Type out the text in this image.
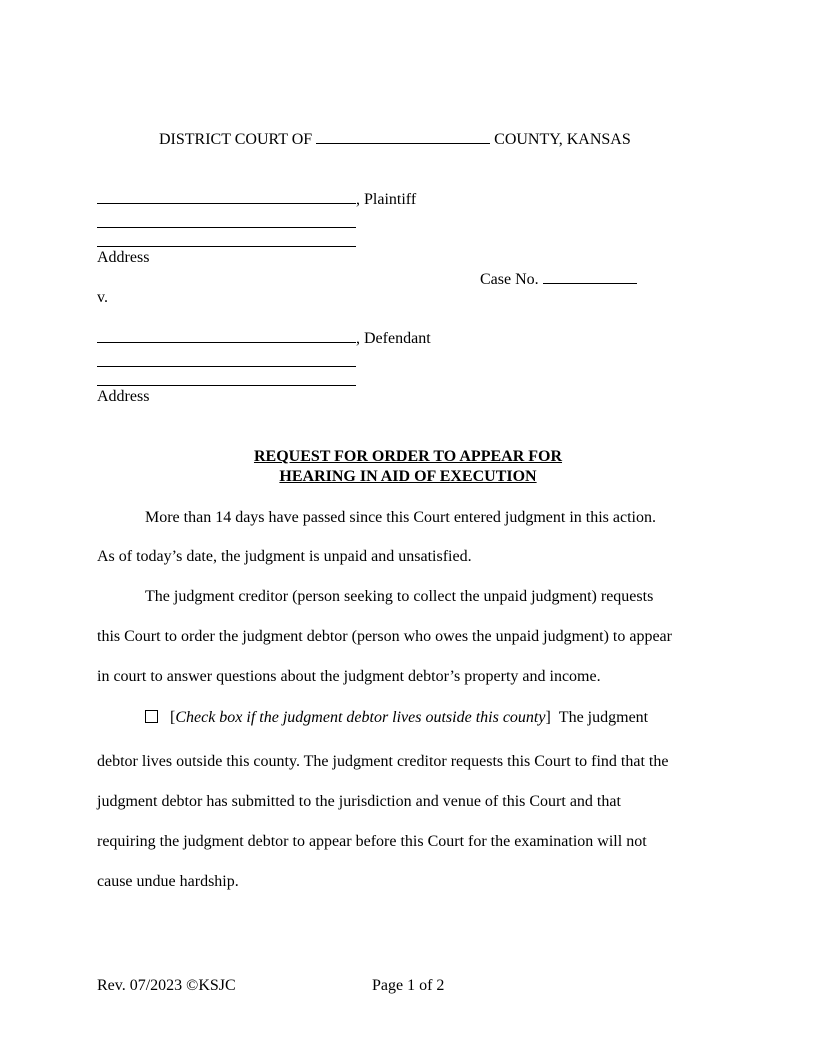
DISTRICT COURT OF	COUNTY, KANSAS
, Plaintiff
Address
Case No.
v.
, Defendant
Address
REQUEST FOR ORDER TO APPEAR FOR
HEARING IN AID OF EXECUTION
More than 14 days have passed since this Court entered judgment in this action.
As of today’s date, the judgment is unpaid and unsatisfied.
The judgment creditor (person seeking to collect the unpaid judgment) requests
this Court to order the judgment debtor (person who owes the unpaid judgment) to appear
in court to answer questions about the judgment debtor’s property and income.
[Check box if the judgment debtor lives outside this county] The judgment
debtor lives outside this county. The judgment creditor requests this Court to find that the
judgment debtor has submitted to the jurisdiction and venue of this Court and that
requiring the judgment debtor to appear before this Court for the examination will not
cause undue hardship.
Rev. 07/2023 ©KSJC	Page 1 of 2
